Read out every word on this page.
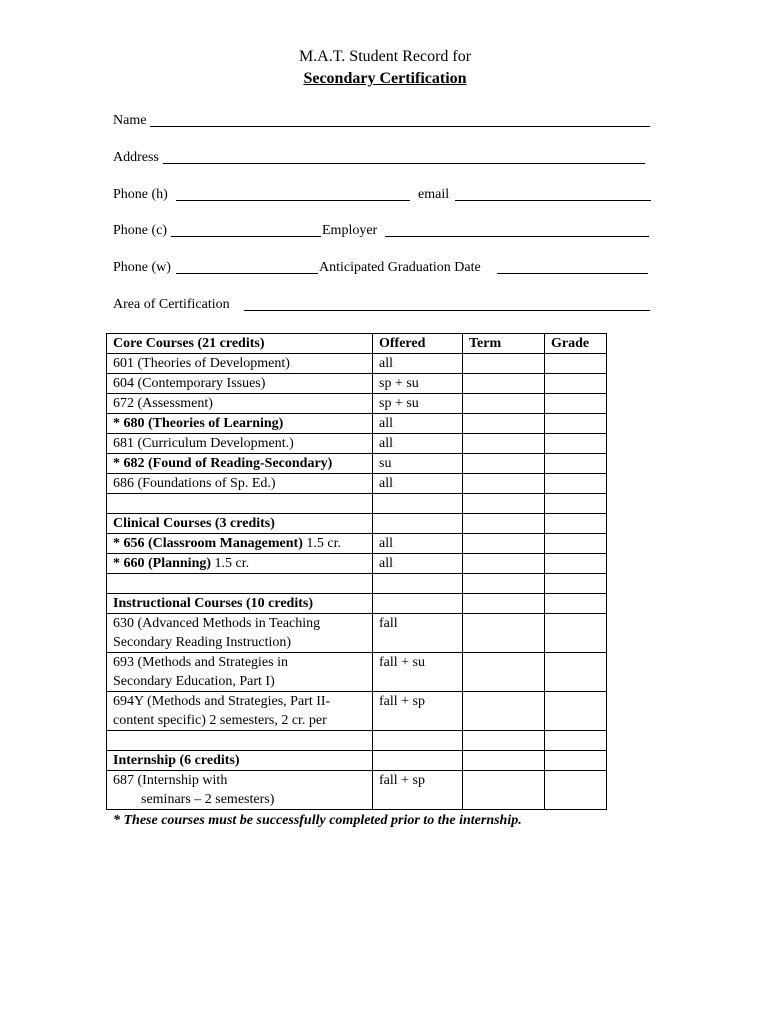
M.A.T. Student Record for
Secondary Certification
Name
Address
Phone (h)	email
Phone (c)	Employer
Phone (w)	Anticipated Graduation Date
Area of Certification
Core Courses (21 credits)	Offered	Term	Grade
601 (Theories of Development)	all		
604 (Contemporary Issues)	sp + su		
672 (Assessment)	sp + su		
* 680 (Theories of Learning)	all		
681 (Curriculum Development.)	all		
* 682 (Found of Reading-Secondary)	su		
686 (Foundations of Sp. Ed.)	all		

Clinical Courses (3 credits)			
* 656 (Classroom Management) 1.5 cr.	all		
* 660 (Planning) 1.5 cr.	all		

Instructional Courses (10 credits)			

630 (Advanced Methods in Teaching
Secondary Reading Instruction)	fall		

693 (Methods and Strategies in
Secondary Education, Part I)	fall + su		

694Y (Methods and Strategies, Part II-
content specific) 2 semesters, 2 cr. per	fall + sp		

Internship (6 credits)			

687 (Internship with
seminars – 2 semesters)	fall + sp		
* These courses must be successfully completed prior to the internship.
